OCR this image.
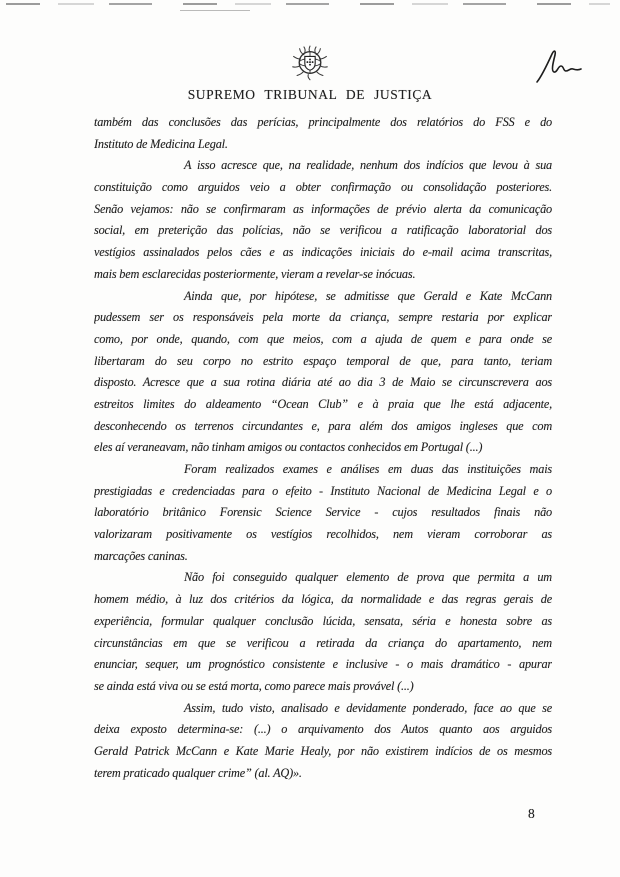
SUPREMO TRIBUNAL DE JUSTIÇA
também das conclusões das perícias, principalmente dos relatórios do FSS e do
Instituto de Medicina Legal.
A isso acresce que, na realidade, nenhum dos indícios que levou à sua
constituição como arguidos veio a obter confirmação ou consolidação posteriores.
Senão vejamos: não se confirmaram as informações de prévio alerta da comunicação
social, em preterição das polícias, não se verificou a ratificação laboratorial dos
vestígios assinalados pelos cães e as indicações iniciais do e-mail acima transcritas,
mais bem esclarecidas posteriormente, vieram a revelar-se inócuas.
Ainda que, por hipótese, se admitisse que Gerald e Kate McCann
pudessem ser os responsáveis pela morte da criança, sempre restaria por explicar
como, por onde, quando, com que meios, com a ajuda de quem e para onde se
libertaram do seu corpo no estrito espaço temporal de que, para tanto, teriam
disposto. Acresce que a sua rotina diária até ao dia 3 de Maio se circunscrevera aos
estreitos limites do aldeamento “Ocean Club” e à praia que lhe está adjacente,
desconhecendo os terrenos circundantes e, para além dos amigos ingleses que com
eles aí veraneavam, não tinham amigos ou contactos conhecidos em Portugal (...)
Foram realizados exames e análises em duas das instituições mais
prestigiadas e credenciadas para o efeito - Instituto Nacional de Medicina Legal e o
laboratório britânico Forensic Science Service - cujos resultados finais não
valorizaram positivamente os vestígios recolhidos, nem vieram corroborar as
marcações caninas.
Não foi conseguido qualquer elemento de prova que permita a um
homem médio, à luz dos critérios da lógica, da normalidade e das regras gerais de
experiência, formular qualquer conclusão lúcida, sensata, séria e honesta sobre as
circunstâncias em que se verificou a retirada da criança do apartamento, nem
enunciar, sequer, um prognóstico consistente e inclusive - o mais dramático - apurar
se ainda está viva ou se está morta, como parece mais provável (...)
Assim, tudo visto, analisado e devidamente ponderado, face ao que se
deixa exposto determina-se: (...) o arquivamento dos Autos quanto aos arguidos
Gerald Patrick McCann e Kate Marie Healy, por não existirem indícios de os mesmos
terem praticado qualquer crime” (al. AQ)».
8
